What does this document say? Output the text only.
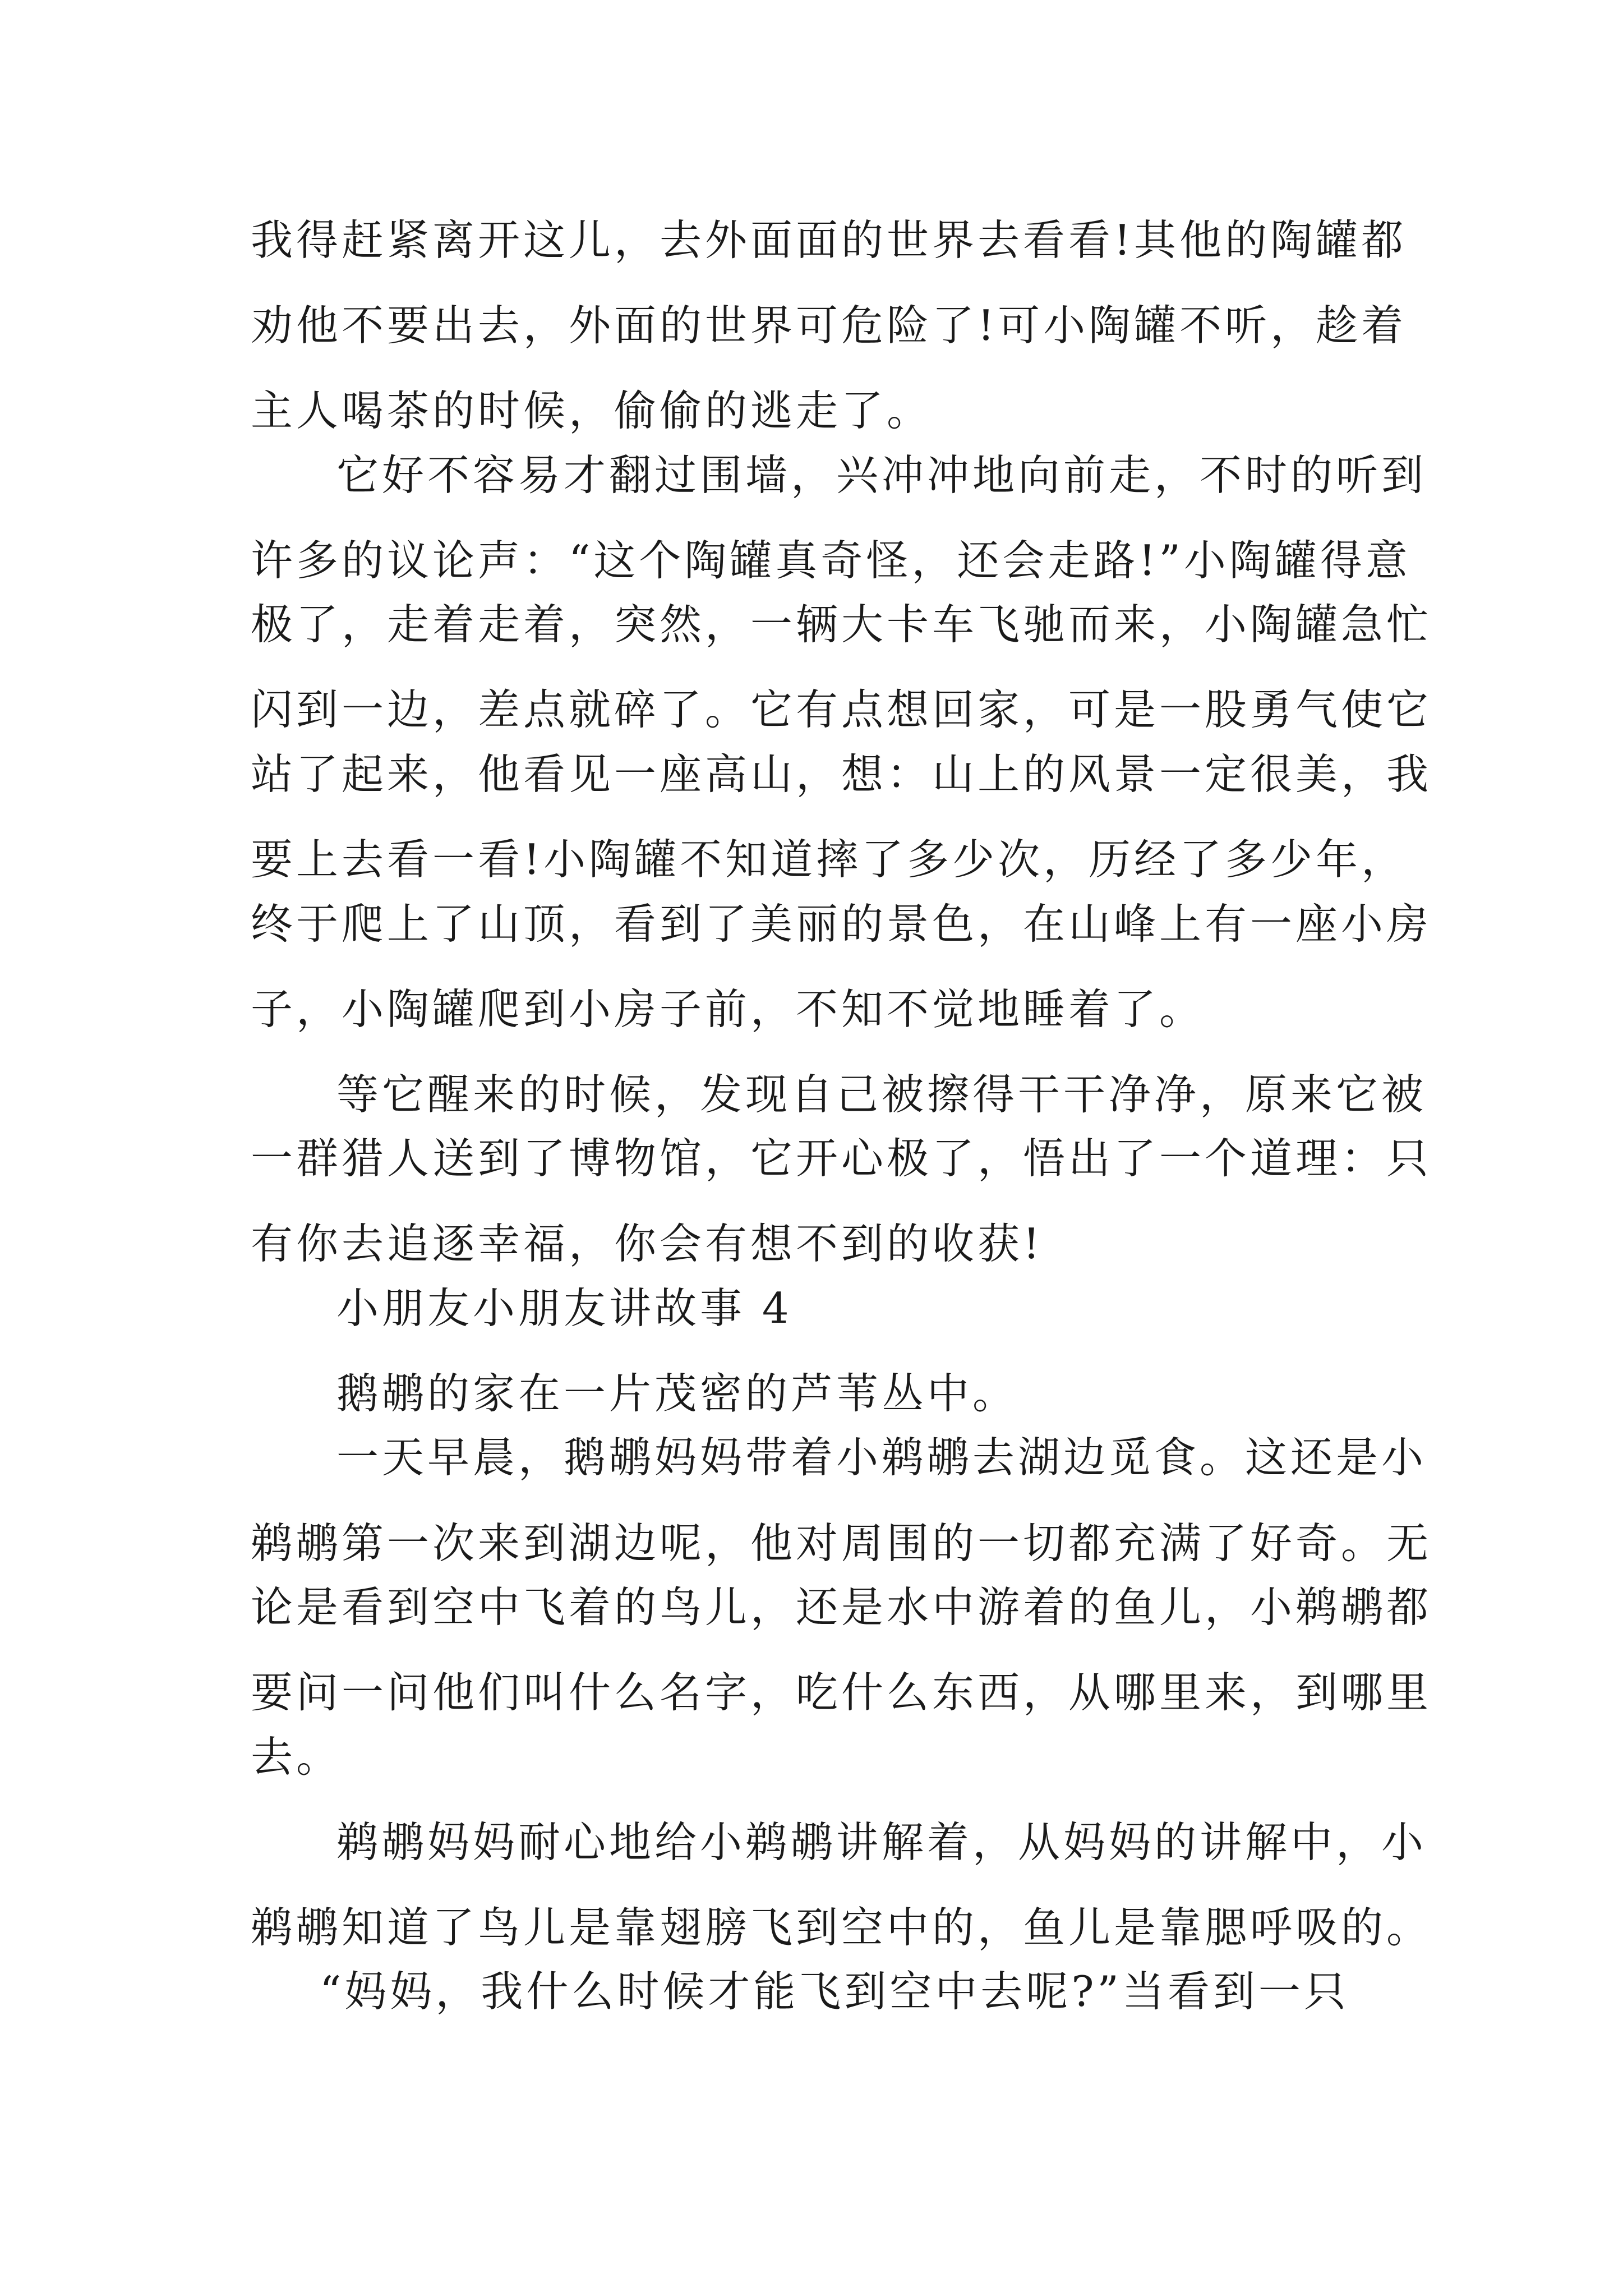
我得赶紧离开这儿，去外面面的世界去看看!其他的陶罐都
劝他不要出去，外面的世界可危险了!可小陶罐不听，趁着
主人喝茶的时候，偷偷的逃走了。
它好不容易才翻过围墙，兴冲冲地向前走，不时的听到
许多的议论声：“这个陶罐真奇怪，还会走路!”小陶罐得意
极了，走着走着，突然，一辆大卡车飞驰而来，小陶罐急忙
闪到一边，差点就碎了。它有点想回家，可是一股勇气使它
站了起来，他看见一座高山，想：山上的风景一定很美，我
要上去看一看!小陶罐不知道摔了多少次，历经了多少年，
终于爬上了山顶，看到了美丽的景色，在山峰上有一座小房
子，小陶罐爬到小房子前，不知不觉地睡着了。
等它醒来的时候，发现自己被擦得干干净净，原来它被
一群猎人送到了博物馆，它开心极了，悟出了一个道理：只
有你去追逐幸福，你会有想不到的收获!
小朋友小朋友讲故事 4
鹅鹕的家在一片茂密的芦苇丛中。
一天早晨，鹅鹕妈妈带着小鹈鹕去湖边觅食。这还是小
鹈鹕第一次来到湖边呢，他对周围的一切都充满了好奇。无
论是看到空中飞着的鸟儿，还是水中游着的鱼儿，小鹈鹕都
要问一问他们叫什么名字，吃什么东西，从哪里来，到哪里
去。
鹈鹕妈妈耐心地给小鹈鹕讲解着，从妈妈的讲解中，小
鹈鹕知道了鸟儿是靠翅膀飞到空中的，鱼儿是靠腮呼吸的。
“妈妈，我什么时候才能飞到空中去呢?”当看到一只
